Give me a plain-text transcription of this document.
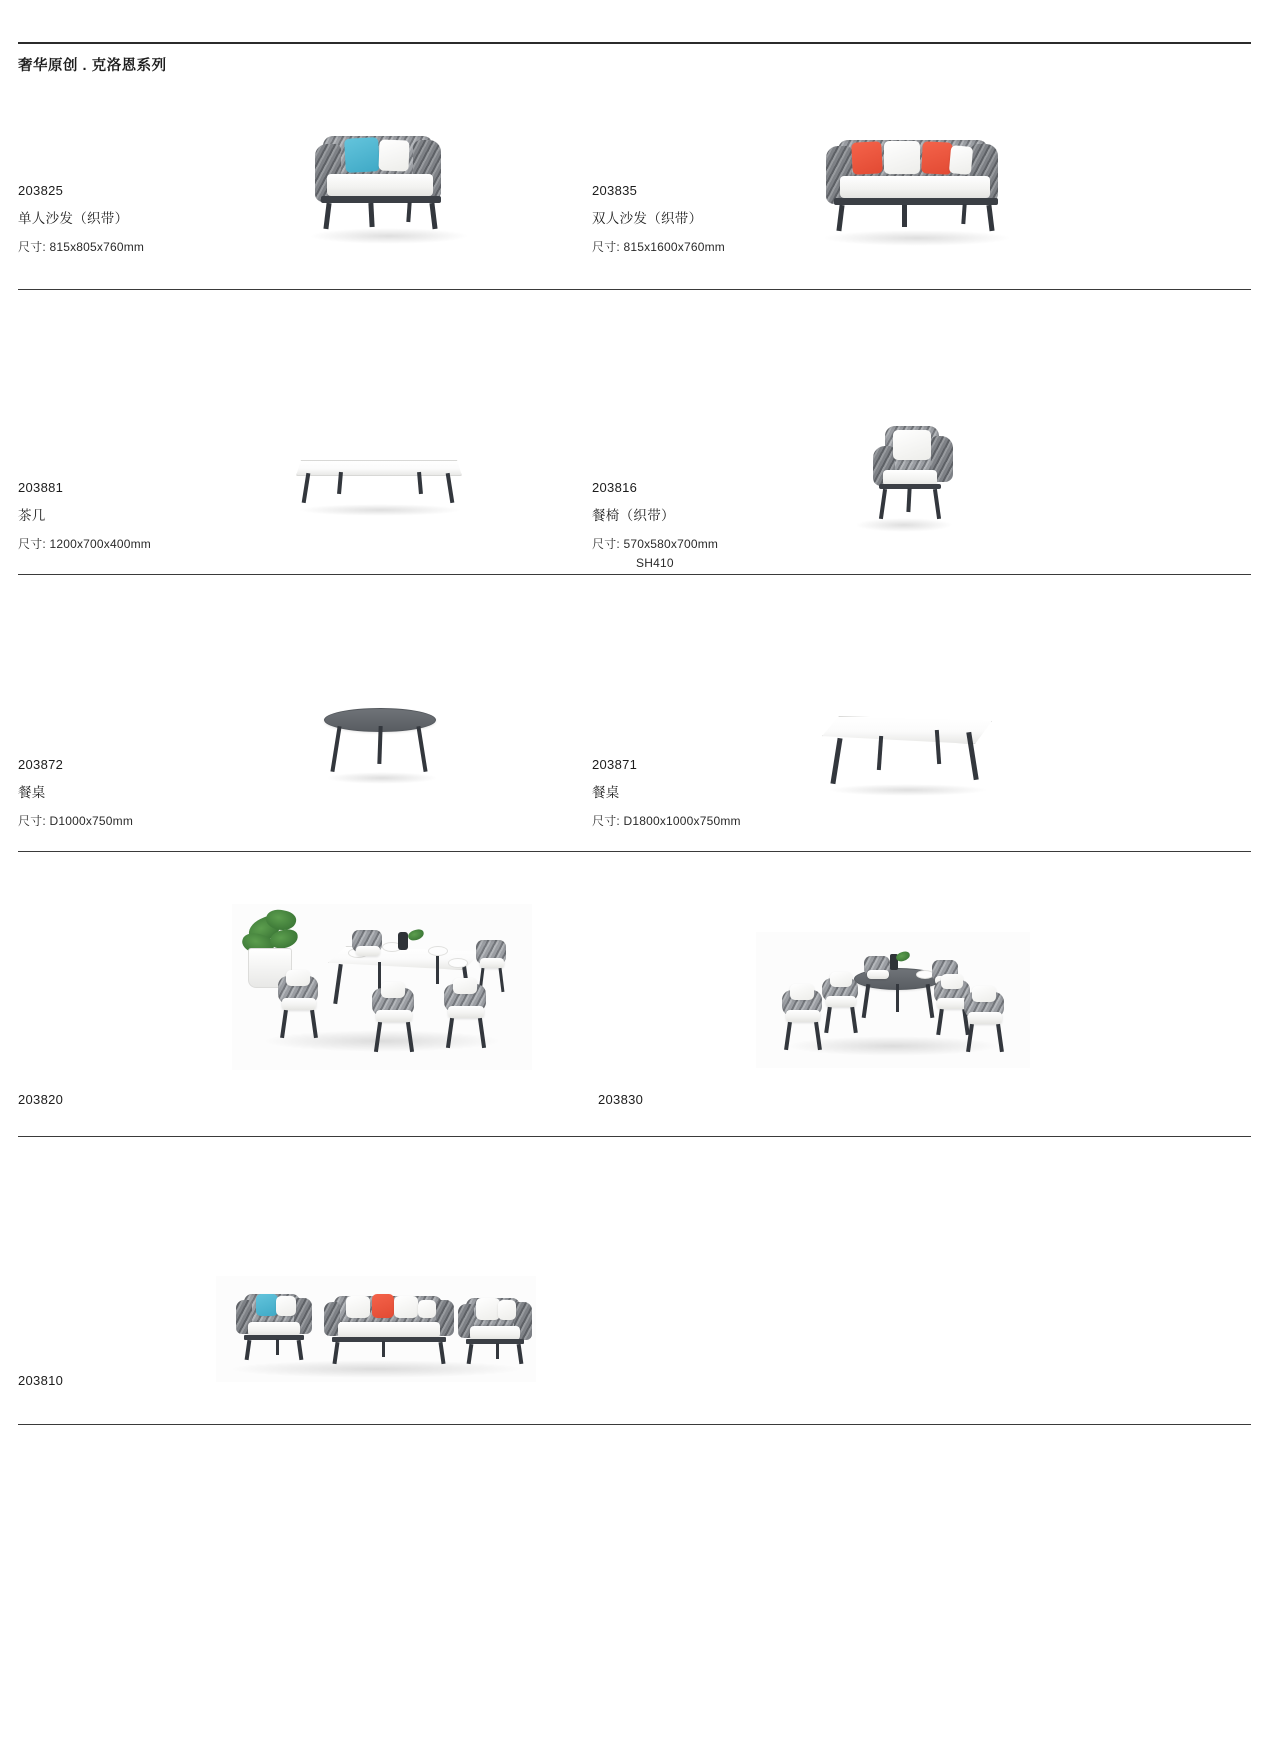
奢华原创 . 克洛恩系列
203825
单人沙发（织带）
尺寸: 815x805x760mm
203835
双人沙发（织带）
尺寸: 815x1600x760mm
203881
茶几
尺寸: 1200x700x400mm
203816
餐椅（织带）
尺寸: 570x580x700mm
SH410
203872
餐桌
尺寸: D1000x750mm
203871
餐桌
尺寸: D1800x1000x750mm
203820	203830
203810
